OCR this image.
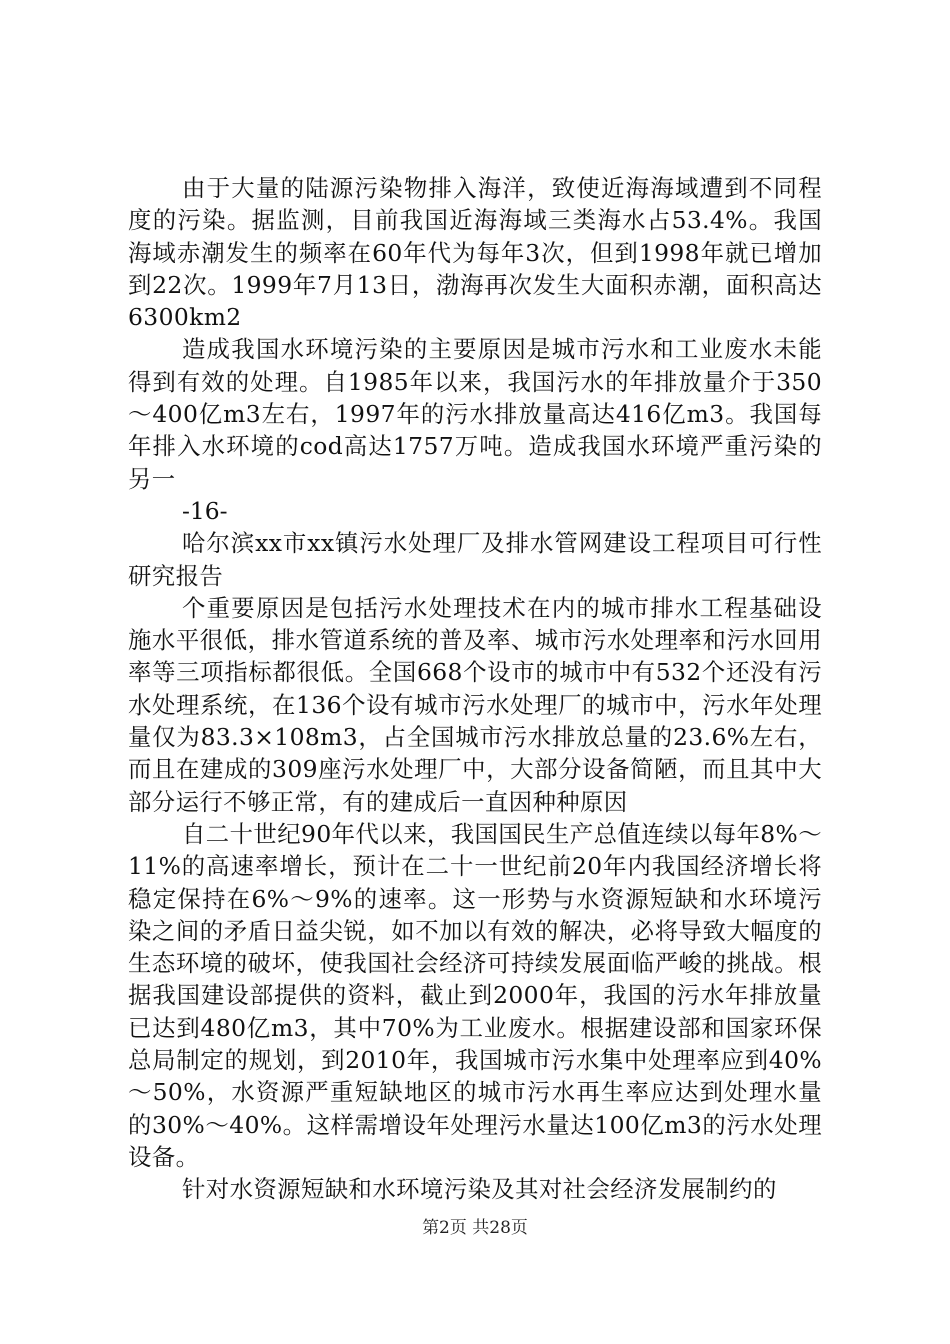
由于大量的陆源污染物排入海洋，致使近海海域遭到不同程度的污染。据监测，目前我国近海海域三类海水占53.4%。我国海域赤潮发生的频率在60年代为每年3次，但到1998年就已增加到22次。1999年7月13日，渤海再次发生大面积赤潮，面积高达6300km2

造成我国水环境污染的主要原因是城市污水和工业废水未能得到有效的处理。自1985年以来，我国污水的年排放量介于350～400亿m3左右，1997年的污水排放量高达416亿m3。我国每年排入水环境的cod高达1757万吨。造成我国水环境严重污染的另一

-16-

哈尔滨xx市xx镇污水处理厂及排水管网建设工程项目可行性研究报告

个重要原因是包括污水处理技术在内的城市排水工程基础设施水平很低，排水管道系统的普及率、城市污水处理率和污水回用率等三项指标都很低。全国668个设市的城市中有532个还没有污水处理系统，在136个设有城市污水处理厂的城市中，污水年处理量仅为83.3×108m3，占全国城市污水排放总量的23.6%左右，而且在建成的309座污水处理厂中，大部分设备简陋，而且其中大部分运行不够正常，有的建成后一直因种种原因

自二十世纪90年代以来，我国国民生产总值连续以每年8%～11%的高速率增长，预计在二十一世纪前20年内我国经济增长将稳定保持在6%～9%的速率。这一形势与水资源短缺和水环境污染之间的矛盾日益尖锐，如不加以有效的解决，必将导致大幅度的生态环境的破坏，使我国社会经济可持续发展面临严峻的挑战。根据我国建设部提供的资料，截止到2000年，我国的污水年排放量已达到480亿m3，其中70%为工业废水。根据建设部和国家环保总局制定的规划，到2010年，我国城市污水集中处理率应到40%～50%，水资源严重短缺地区的城市污水再生率应达到处理水量的30%～40%。这样需增设年处理污水量达100亿m3的污水处理设备。

针对水资源短缺和水环境污染及其对社会经济发展制约的

第2页 共28页
